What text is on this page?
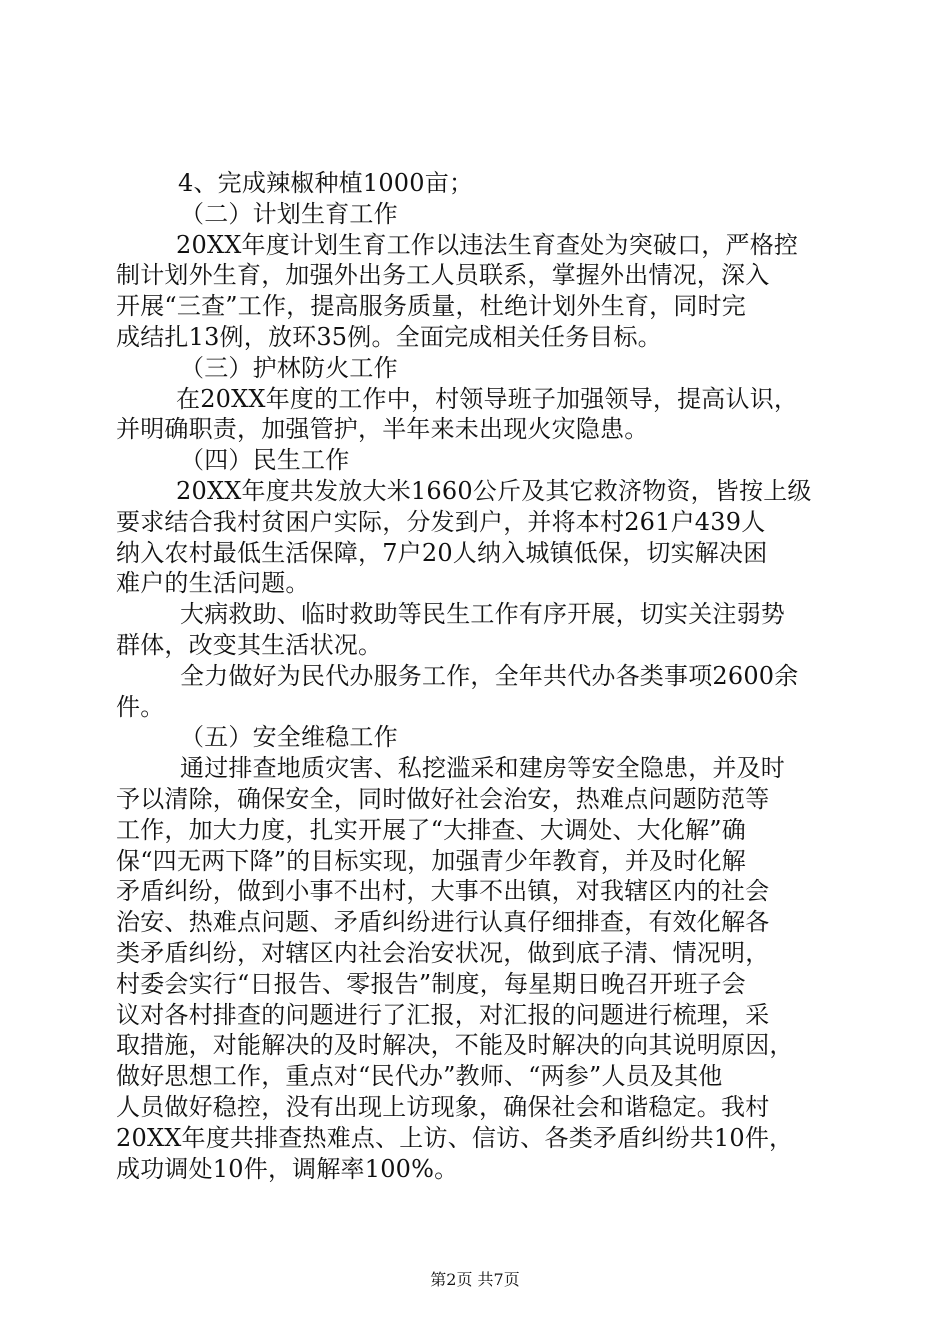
4、完成辣椒种植1000亩；
（二）计划生育工作
20XX年度计划生育工作以违法生育查处为突破口，严格控
制计划外生育，加强外出务工人员联系，掌握外出情况，深入
开展“三查”工作，提高服务质量，杜绝计划外生育，同时完
成结扎13例，放环35例。全面完成相关任务目标。
（三）护林防火工作
在20XX年度的工作中，村领导班子加强领导，提高认识，
并明确职责，加强管护，半年来未出现火灾隐患。
（四）民生工作
20XX年度共发放大米1660公斤及其它救济物资，皆按上级
要求结合我村贫困户实际，分发到户，并将本村261户439人
纳入农村最低生活保障，7户20人纳入城镇低保，切实解决困
难户的生活问题。
大病救助、临时救助等民生工作有序开展，切实关注弱势
群体，改变其生活状况。
全力做好为民代办服务工作，全年共代办各类事项2600余
件。
（五）安全维稳工作
通过排查地质灾害、私挖滥采和建房等安全隐患，并及时
予以清除，确保安全，同时做好社会治安，热难点问题防范等
工作，加大力度，扎实开展了“大排查、大调处、大化解”确
保“四无两下降”的目标实现，加强青少年教育，并及时化解
矛盾纠纷，做到小事不出村，大事不出镇，对我辖区内的社会
治安、热难点问题、矛盾纠纷进行认真仔细排查，有效化解各
类矛盾纠纷，对辖区内社会治安状况，做到底子清、情况明，
村委会实行“日报告、零报告”制度，每星期日晚召开班子会
议对各村排查的问题进行了汇报，对汇报的问题进行梳理，采
取措施，对能解决的及时解决，不能及时解决的向其说明原因，
做好思想工作，重点对“民代办”教师、“两参”人员及其他
人员做好稳控，没有出现上访现象，确保社会和谐稳定。我村
20XX年度共排查热难点、上访、信访、各类矛盾纠纷共10件，
成功调处10件，调解率100%。
第2页 共7页
